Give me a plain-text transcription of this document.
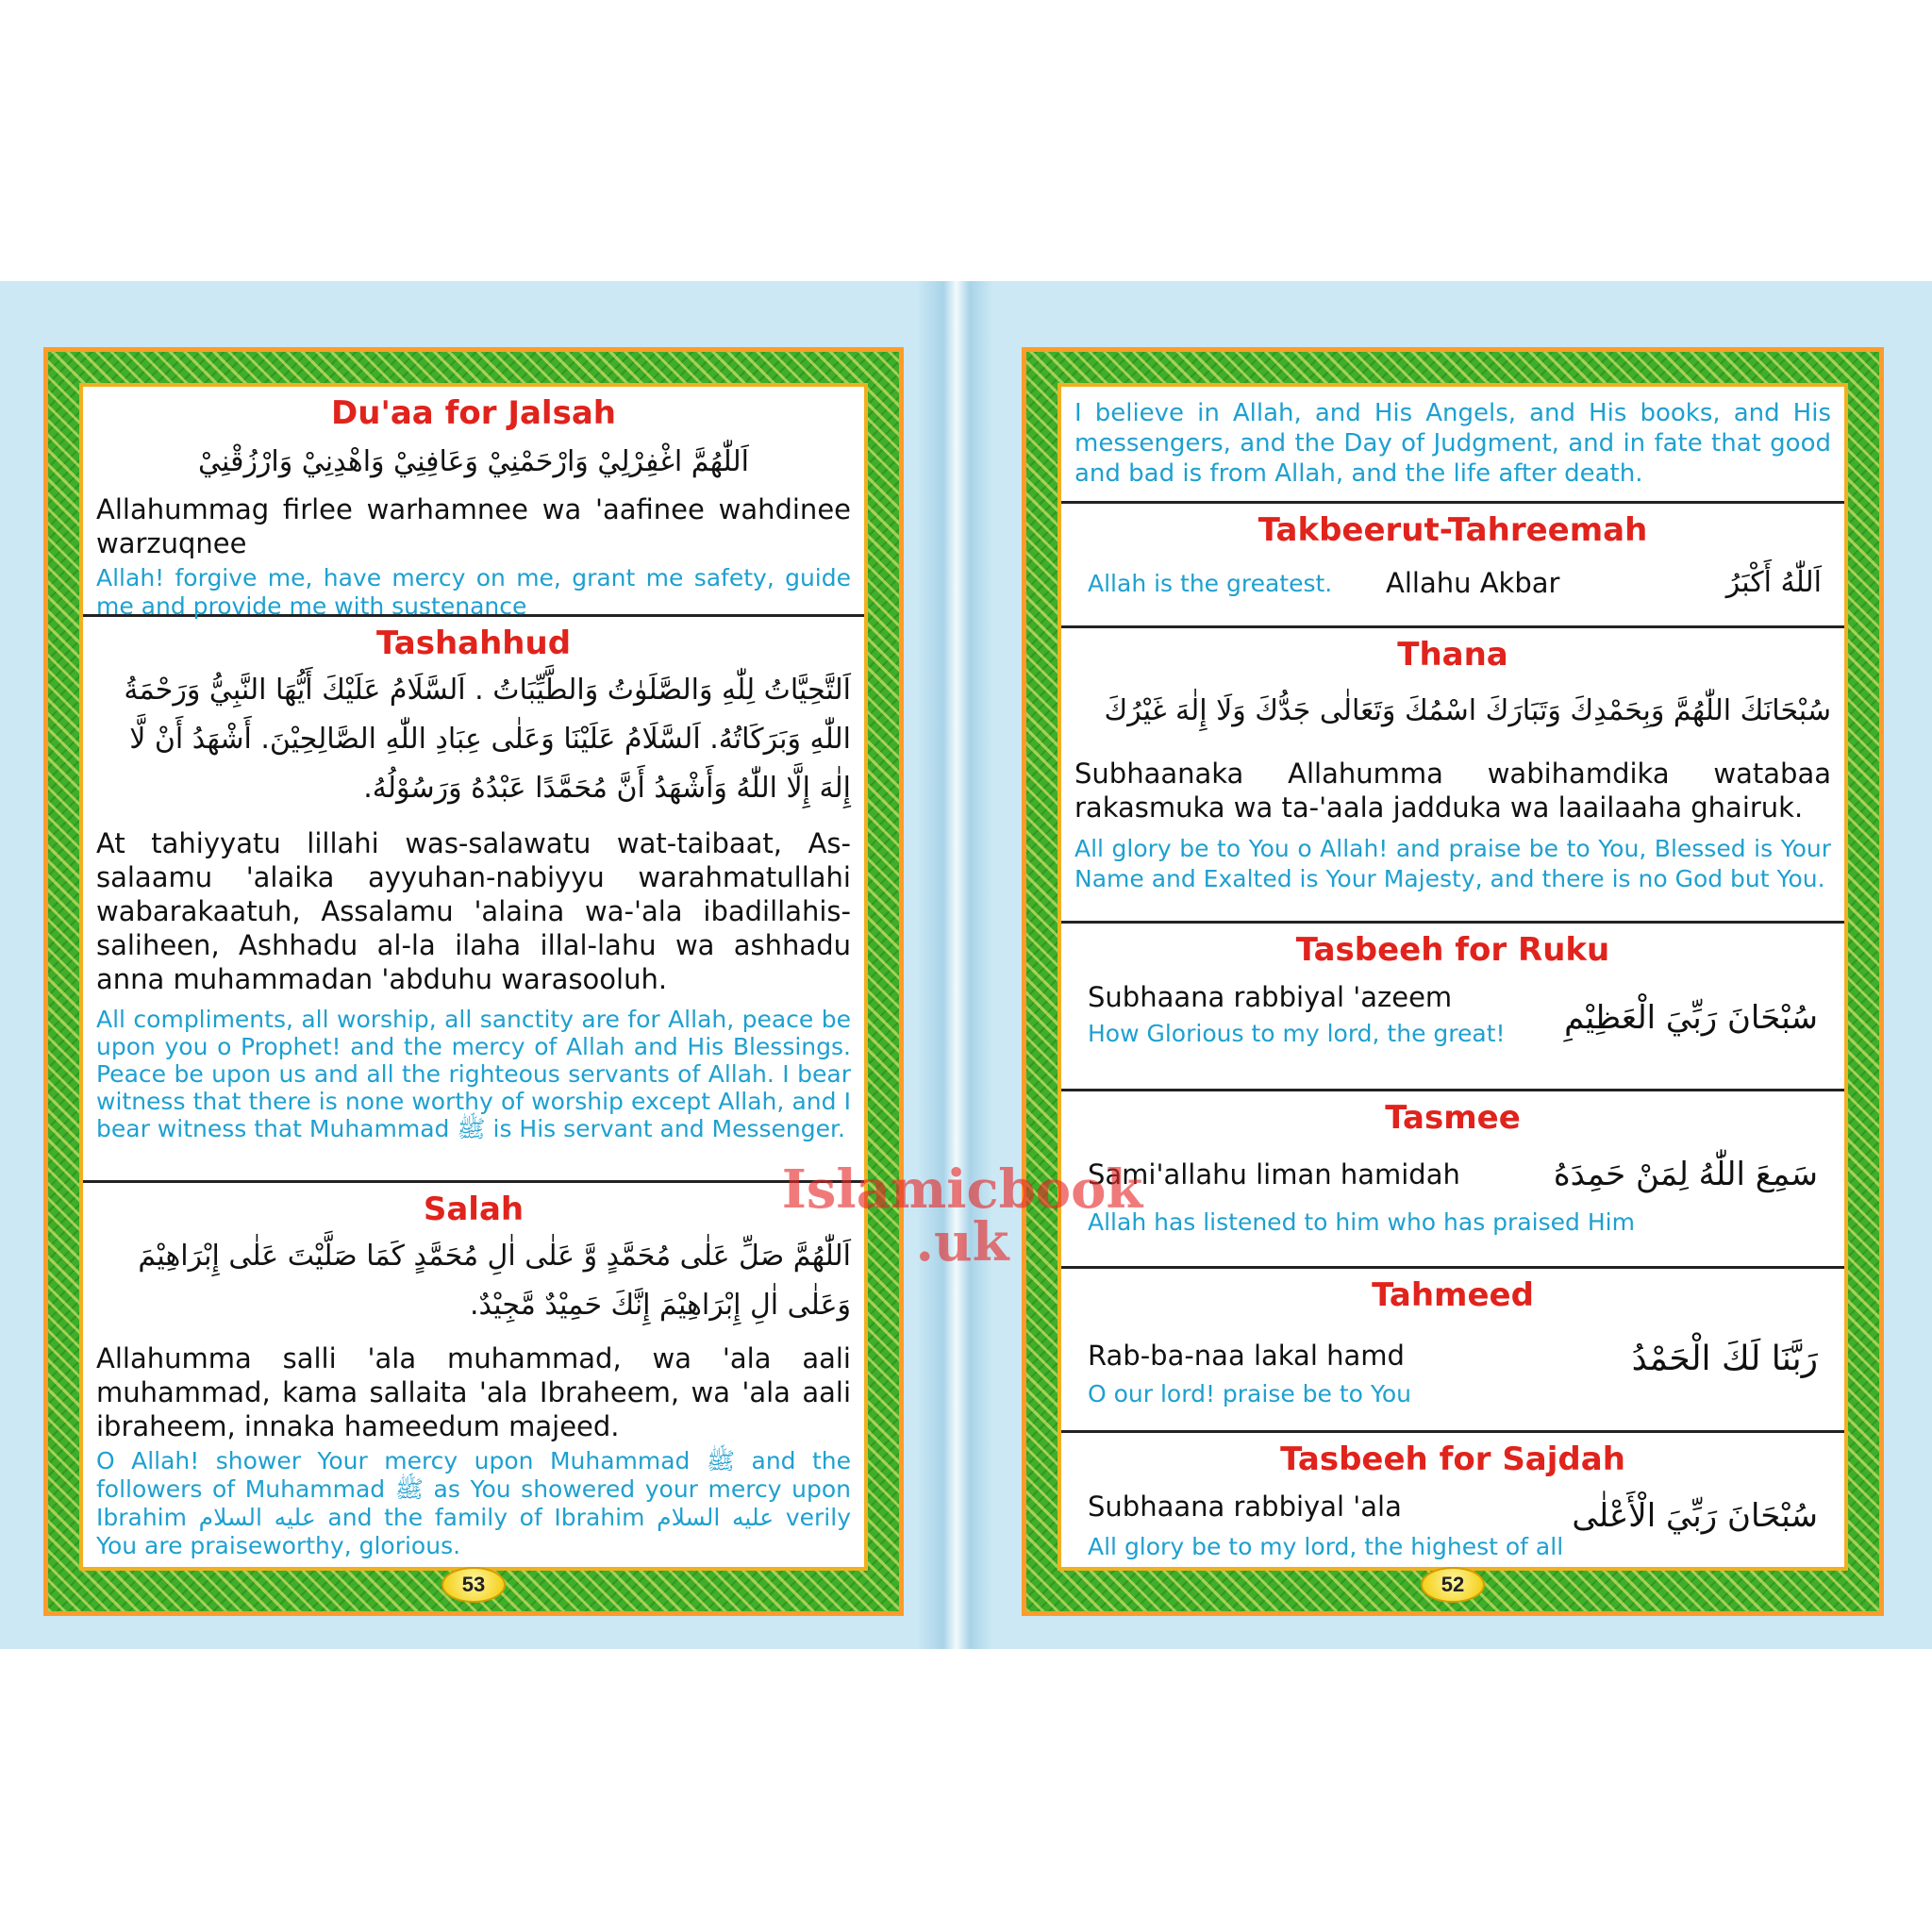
Du'aa for Jalsah
اَللّٰهُمَّ اغْفِرْلِيْ وَارْحَمْنِيْ وَعَافِنِيْ وَاهْدِنِيْ وَارْزُقْنِيْ
Allahummag firlee warhamnee wa 'aafinee wahdinee warzuqnee
Allah! forgive me, have mercy on me, grant me safety, guide me and provide me with sustenance
Tashahhud
اَلتَّحِيَّاتُ لِلّٰهِ وَالصَّلَوٰتُ وَالطَّيِّبَاتُ . اَلسَّلَامُ عَلَيْكَ أَيُّهَا النَّبِيُّ وَرَحْمَةُ اللّٰهِ وَبَرَكَاتُهُ. اَلسَّلَامُ عَلَيْنَا وَعَلٰى عِبَادِ اللّٰهِ الصَّالِحِيْنَ. أَشْهَدُ أَنْ لَّا إِلٰهَ إِلَّا اللّٰهُ وَأَشْهَدُ أَنَّ مُحَمَّدًا عَبْدُهُ وَرَسُوْلُهُ.
At tahiyyatu lillahi was-salawatu wat-taibaat, As-salaamu 'alaika ayyuhan-nabiyyu warahmatullahi wabarakaatuh, Assalamu 'alaina wa-'ala ibadillahis-saliheen, Ashhadu al-la ilaha illal-lahu wa ashhadu anna muhammadan 'abduhu warasooluh.
All compliments, all worship, all sanctity are for Allah, peace be upon you o Prophet! and the mercy of Allah and His Blessings. Peace be upon us and all the righteous servants of Allah. I bear witness that there is none worthy of worship except Allah, and I bear witness that Muhammad ﷺ is His servant and Messenger.
Salah
اَللّٰهُمَّ صَلِّ عَلٰى مُحَمَّدٍ وَّ عَلٰى اٰلِ مُحَمَّدٍ كَمَا صَلَّيْتَ عَلٰى إِبْرَاهِيْمَ وَعَلٰى اٰلِ إِبْرَاهِيْمَ إِنَّكَ حَمِيْدٌ مَّجِيْدٌ.
Allahumma salli 'ala muhammad, wa 'ala aali muhammad, kama sallaita 'ala Ibraheem, wa 'ala aali ibraheem, innaka hameedum majeed.
O Allah! shower Your mercy upon Muhammad ﷺ and the followers of Muhammad ﷺ as You showered your mercy upon Ibrahim عليه السلام and the family of Ibrahim عليه السلام verily You are praiseworthy, glorious.
53
I believe in Allah, and His Angels, and His books, and His messengers, and the Day of Judgment, and in fate that good and bad is from Allah, and the life after death.
Takbeerut-Tahreemah
Allah is the greatest. Allahu Akbar	اَللّٰهُ أَكْبَرُ
Thana
سُبْحَانَكَ اللّٰهُمَّ وَبِحَمْدِكَ وَتَبَارَكَ اسْمُكَ وَتَعَالٰى جَدُّكَ وَلَا إِلٰهَ غَيْرُكَ
Subhaanaka Allahumma wabihamdika watabaa rakasmuka wa ta-'aala jadduka wa laailaaha ghairuk.
All glory be to You o Allah! and praise be to You, Blessed is Your Name and Exalted is Your Majesty, and there is no God but You.
Tasbeeh for Ruku
Subhaana rabbiyal 'azeem
How Glorious to my lord, the great! سُبْحَانَ رَبِّيَ الْعَظِيْمِ
Tasmee
Sami'allahu liman hamidah
Allah has listened to him who has praised Him
سَمِعَ اللّٰهُ لِمَنْ حَمِدَهُ
Tahmeed
Rab-ba-naa lakal hamd
O our lord! praise be to You
رَبَّنَا لَكَ الْحَمْدُ
Tasbeeh for Sajdah
Subhaana rabbiyal 'ala
All glory be to my lord, the highest of all
سُبْحَانَ رَبِّيَ الْأَعْلٰى
52
Islamicbook
.uk
